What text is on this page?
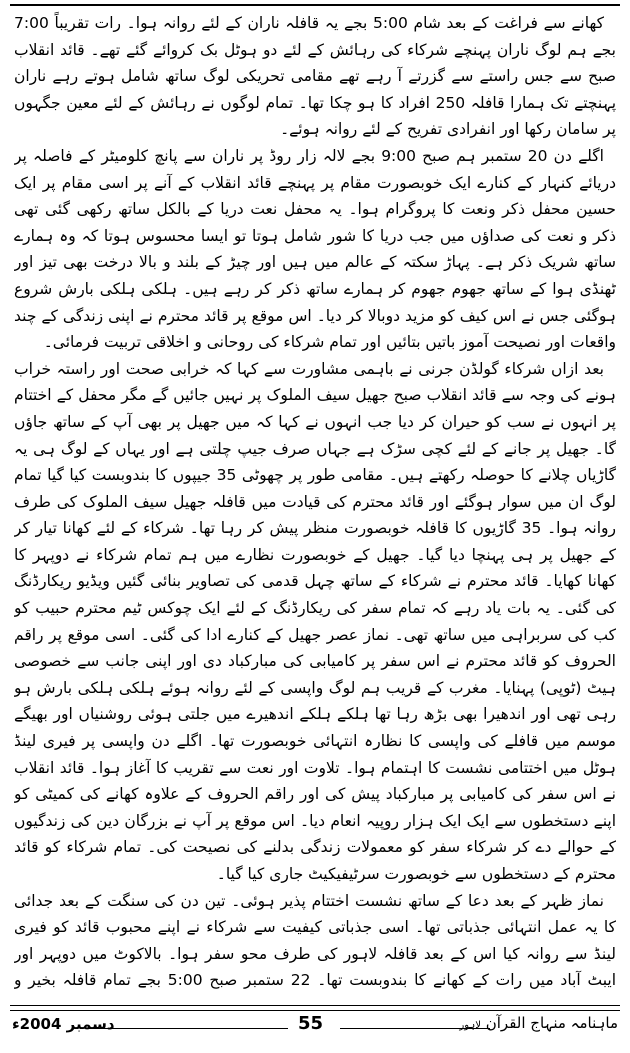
کھانے سے فراغت کے بعد شام 5:00 بجے یہ قافلہ ناران کے لئے روانہ ہوا۔ رات تقریباً 7:00 بجے ہم لوگ ناران پہنچے شرکاء کی رہائش کے لئے دو ہوٹل بک کروائے گئے تھے۔ قائد انقلاب صبح سے جس راستے سے گزرتے آ رہے تھے مقامی تحریکی لوگ ساتھ شامل ہوتے رہے ناران پہنچتے تک ہمارا قافلہ 250 افراد کا ہو چکا تھا۔ تمام لوگوں نے رہائش کے لئے معین جگہوں پر سامان رکھا اور انفرادی تفریح کے لئے روانہ ہوئے۔

اگلے دن 20 ستمبر ہم صبح 9:00 بجے لالہ زار روڈ پر ناران سے پانچ کلومیٹر کے فاصلہ پر دریائے کنہار کے کنارے ایک خوبصورت مقام پر پہنچے قائد انقلاب کے آنے پر اسی مقام پر ایک حسین محفل ذکر ونعت کا پروگرام ہوا۔ یہ محفل نعت دریا کے بالکل ساتھ رکھی گئی تھی ذکر و نعت کی صداؤں میں جب دریا کا شور شامل ہوتا تو ایسا محسوس ہوتا کہ وہ ہمارے ساتھ شریک ذکر ہے۔ پہاڑ سکتہ کے عالم میں ہیں اور چیڑ کے بلند و بالا درخت بھی تیز اور ٹھنڈی ہوا کے ساتھ جھوم جھوم کر ہمارے ساتھ ذکر کر رہے ہیں۔ ہلکی ہلکی بارش شروع ہوگئی جس نے اس کیف کو مزید دوبالا کر دیا۔ اس موقع پر قائد محترم نے اپنی زندگی کے چند واقعات اور نصیحت آموز باتیں بتائیں اور تمام شرکاء کی روحانی و اخلاقی تربیت فرمائی۔

بعد ازاں شرکاء گولڈن جرنی نے باہمی مشاورت سے کہا کہ خرابی صحت اور راستہ خراب ہونے کی وجہ سے قائد انقلاب صبح جھیل سیف الملوک پر نہیں جائیں گے مگر محفل کے اختتام پر انہوں نے سب کو حیران کر دیا جب انہوں نے کہا کہ میں جھیل پر بھی آپ کے ساتھ جاؤں گا۔ جھیل پر جانے کے لئے کچی سڑک ہے جہاں صرف جیپ چلتی ہے اور یہاں کے لوگ ہی یہ گاڑیاں چلانے کا حوصلہ رکھتے ہیں۔ مقامی طور پر چھوٹی 35 جیپوں کا بندوبست کیا گیا تمام لوگ ان میں سوار ہوگئے اور قائد محترم کی قیادت میں قافلہ جھیل سیف الملوک کی طرف روانہ ہوا۔ 35 گاڑیوں کا قافلہ خوبصورت منظر پیش کر رہا تھا۔ شرکاء کے لئے کھانا تیار کر کے جھیل پر ہی پہنچا دیا گیا۔ جھیل کے خوبصورت نظارے میں ہم تمام شرکاء نے دوپہر کا کھانا کھایا۔ قائد محترم نے شرکاء کے ساتھ چہل قدمی کی تصاویر بنائی گئیں ویڈیو ریکارڈنگ کی گئی۔ یہ بات یاد رہے کہ تمام سفر کی ریکارڈنگ کے لئے ایک چوکس ٹیم محترم حبیب کو کب کی سربراہی میں ساتھ تھی۔ نماز عصر جھیل کے کنارے ادا کی گئی۔ اسی موقع پر راقم الحروف کو قائد محترم نے اس سفر پر کامیابی کی مبارکباد دی اور اپنی جانب سے خصوصی ہیٹ (ٹوپی) پہنایا۔ مغرب کے قریب ہم لوگ واپسی کے لئے روانہ ہوئے ہلکی ہلکی بارش ہو رہی تھی اور اندھیرا بھی بڑھ رہا تھا ہلکے ہلکے اندھیرے میں جلتی ہوئی روشنیاں اور بھیگے موسم میں قافلے کی واپسی کا نظارہ انتہائی خوبصورت تھا۔ اگلے دن واپسی پر فیری لینڈ ہوٹل میں اختتامی نشست کا اہتمام ہوا۔ تلاوت اور نعت سے تقریب کا آغاز ہوا۔ قائد انقلاب نے اس سفر کی کامیابی پر مبارکباد پیش کی اور راقم الحروف کے علاوہ کھانے کی کمیٹی کو اپنے دستخطوں سے ایک ایک ہزار روپیہ انعام دیا۔ اس موقع پر آپ نے بزرگان دین کی زندگیوں کے حوالے دے کر شرکاء سفر کو معمولات زندگی بدلنے کی نصیحت کی۔ تمام شرکاء کو قائد محترم کے دستخطوں سے خوبصورت سرٹیفیکیٹ جاری کیا گیا۔

نماز ظہر کے بعد دعا کے ساتھ نشست اختتام پذیر ہوئی۔ تین دن کی سنگت کے بعد جدائی کا یہ عمل انتہائی جذباتی تھا۔ اسی جذباتی کیفیت سے شرکاء نے اپنے محبوب قائد کو فیری لینڈ سے روانہ کیا اس کے بعد قافلہ لاہور کی طرف محو سفر ہوا۔ بالاکوٹ میں دوپہر اور ایبٹ آباد میں رات کے کھانے کا بندوبست تھا۔ 22 ستمبر صبح 5:00 بجے تمام قافلہ بخیر و

دسمبر 2004ء	55	ماہنامہ منہاج القرآن لاہور
